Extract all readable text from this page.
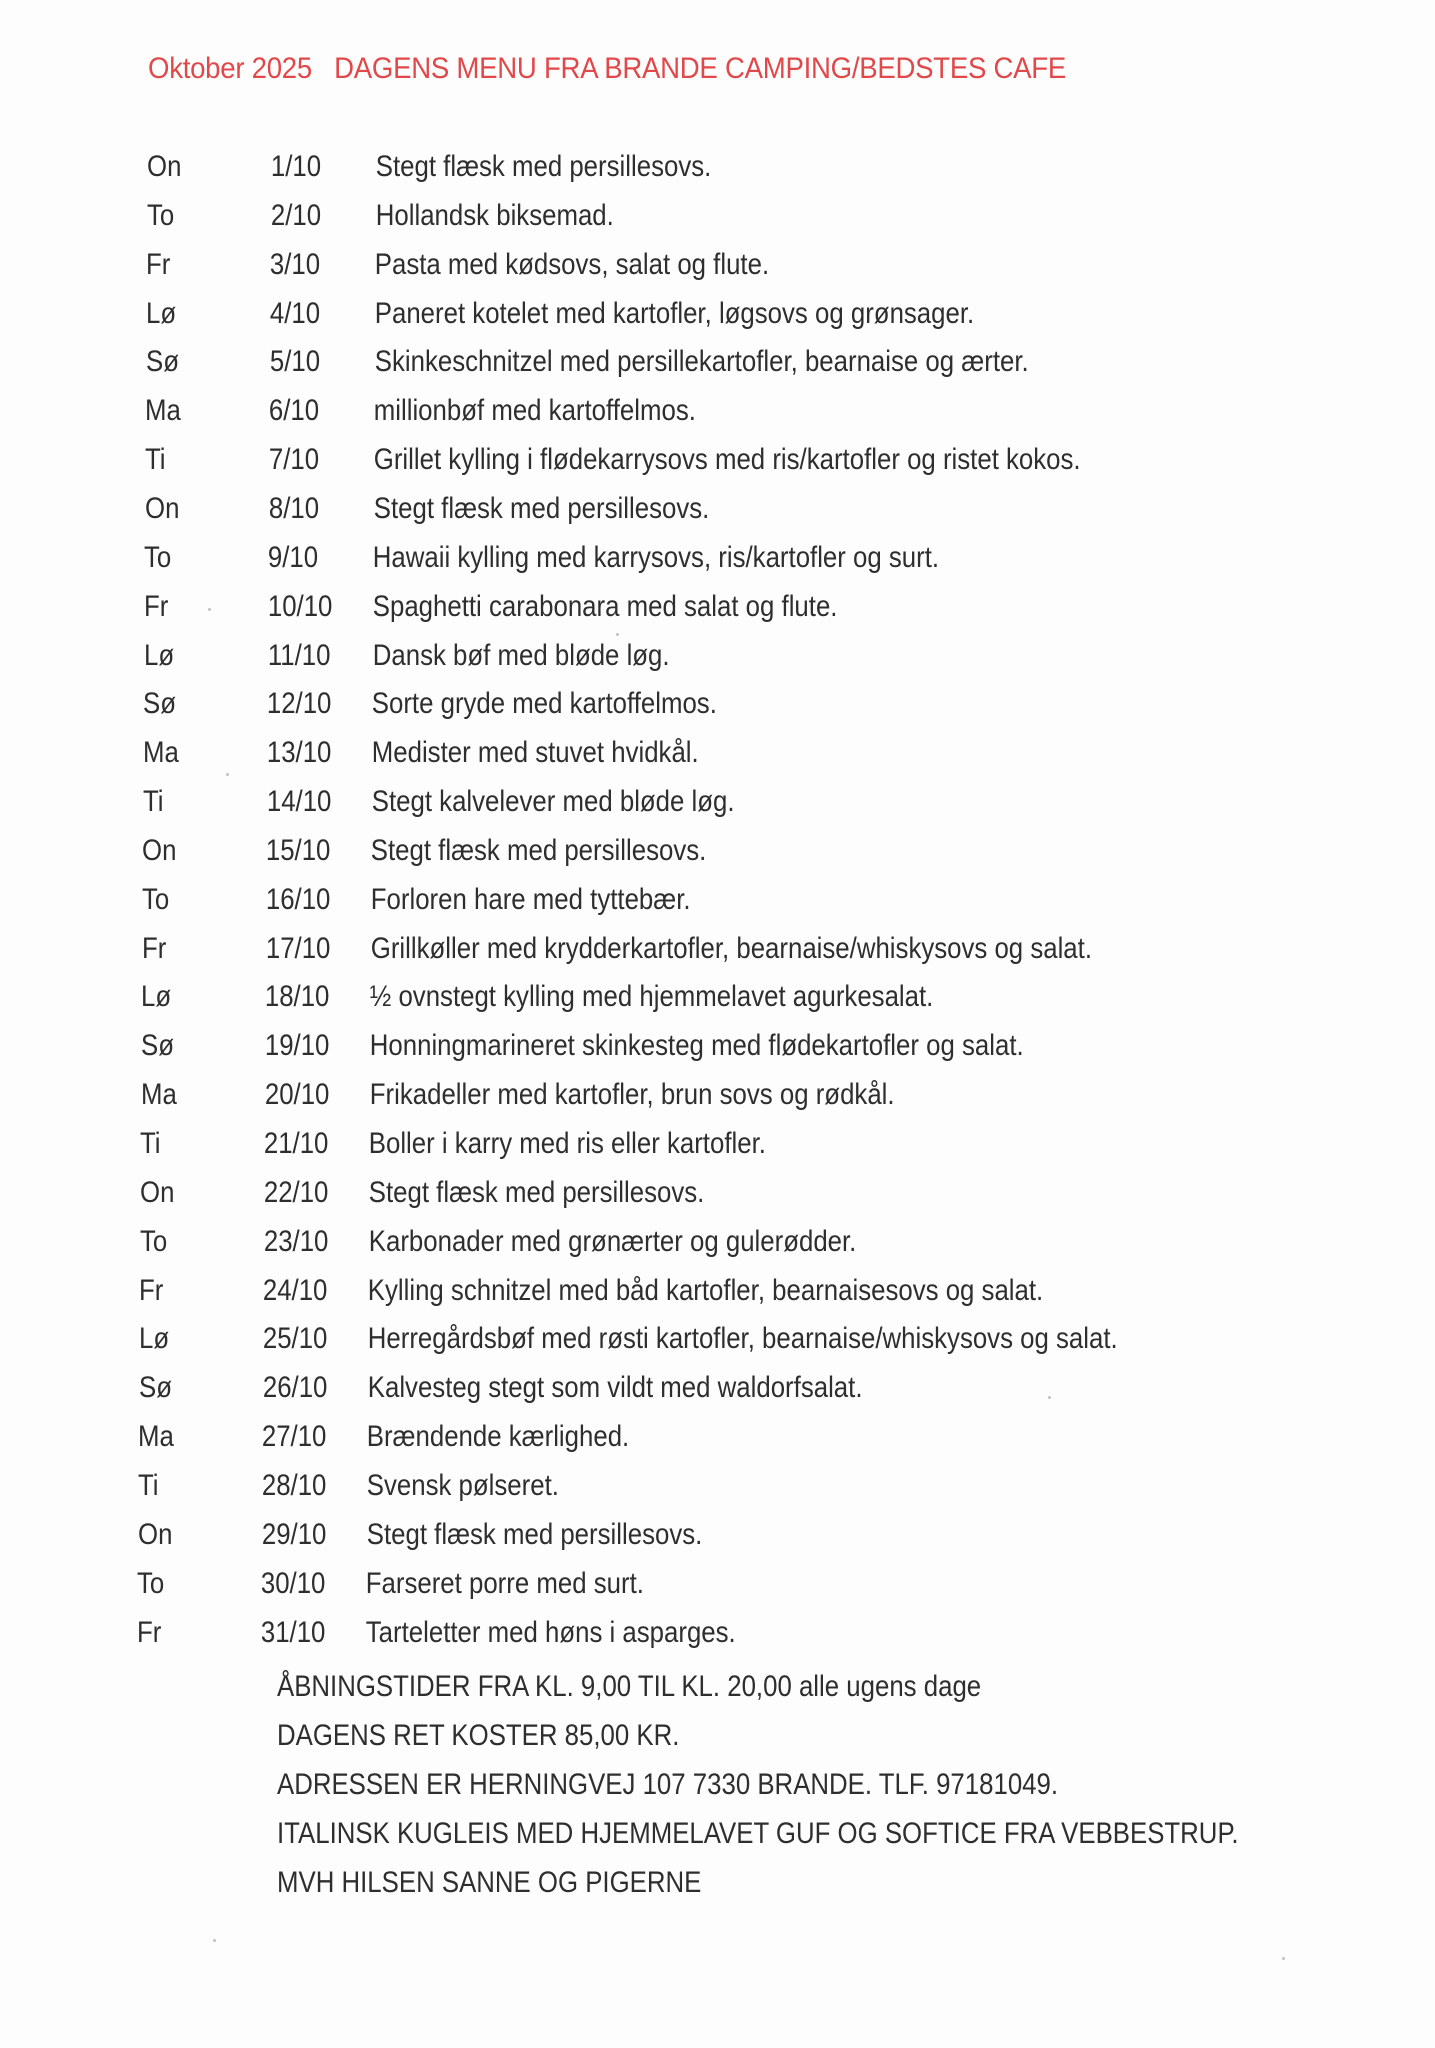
Oktober 2025   DAGENS MENU FRA BRANDE CAMPING/BEDSTES CAFE
On	1/10 Stegt flæsk med persillesovs.
To	2/10 Hollandsk biksemad.
Fr	3/10 Pasta med kødsovs, salat og flute.
Lø	4/10 Paneret kotelet med kartofler, løgsovs og grønsager.
Sø	5/10 Skinkeschnitzel med persillekartofler, bearnaise og ærter.
Ma	6/10 millionbøf med kartoffelmos.
Ti	7/10 Grillet kylling i flødekarrysovs med ris/kartofler og ristet kokos.
On	8/10 Stegt flæsk med persillesovs.
To	9/10 Hawaii kylling med karrysovs, ris/kartofler og surt.
Fr	10/10 Spaghetti carabonara med salat og flute.
Lø	11/10 Dansk bøf med bløde løg.
Sø	12/10 Sorte gryde med kartoffelmos.
Ma	13/10 Medister med stuvet hvidkål.
Ti	14/10 Stegt kalvelever med bløde løg.
On	15/10 Stegt flæsk med persillesovs.
To	16/10 Forloren hare med tyttebær.
Fr	17/10 Grillkøller med krydderkartofler, bearnaise/whiskysovs og salat.
Lø	18/10 ½ ovnstegt kylling med hjemmelavet agurkesalat.
Sø	19/10 Honningmarineret skinkesteg med flødekartofler og salat.
Ma	20/10 Frikadeller med kartofler, brun sovs og rødkål.
Ti	21/10 Boller i karry med ris eller kartofler.
On	22/10 Stegt flæsk med persillesovs.
To	23/10 Karbonader med grønærter og gulerødder.
Fr	24/10 Kylling schnitzel med båd kartofler, bearnaisesovs og salat.
Lø	25/10 Herregårdsbøf med røsti kartofler, bearnaise/whiskysovs og salat.
Sø	26/10 Kalvesteg stegt som vildt med waldorfsalat.
Ma	27/10 Brændende kærlighed.
Ti	28/10 Svensk pølseret.
On	29/10 Stegt flæsk med persillesovs.
To	30/10 Farseret porre med surt.
Fr	31/10 Tarteletter med høns i asparges.
ÅBNINGSTIDER FRA KL. 9,00 TIL KL. 20,00 alle ugens dage
DAGENS RET KOSTER 85,00 KR.
ADRESSEN ER HERNINGVEJ 107 7330 BRANDE. TLF. 97181049.
ITALINSK KUGLEIS MED HJEMMELAVET GUF OG SOFTICE FRA VEBBESTRUP.
MVH HILSEN SANNE OG PIGERNE
